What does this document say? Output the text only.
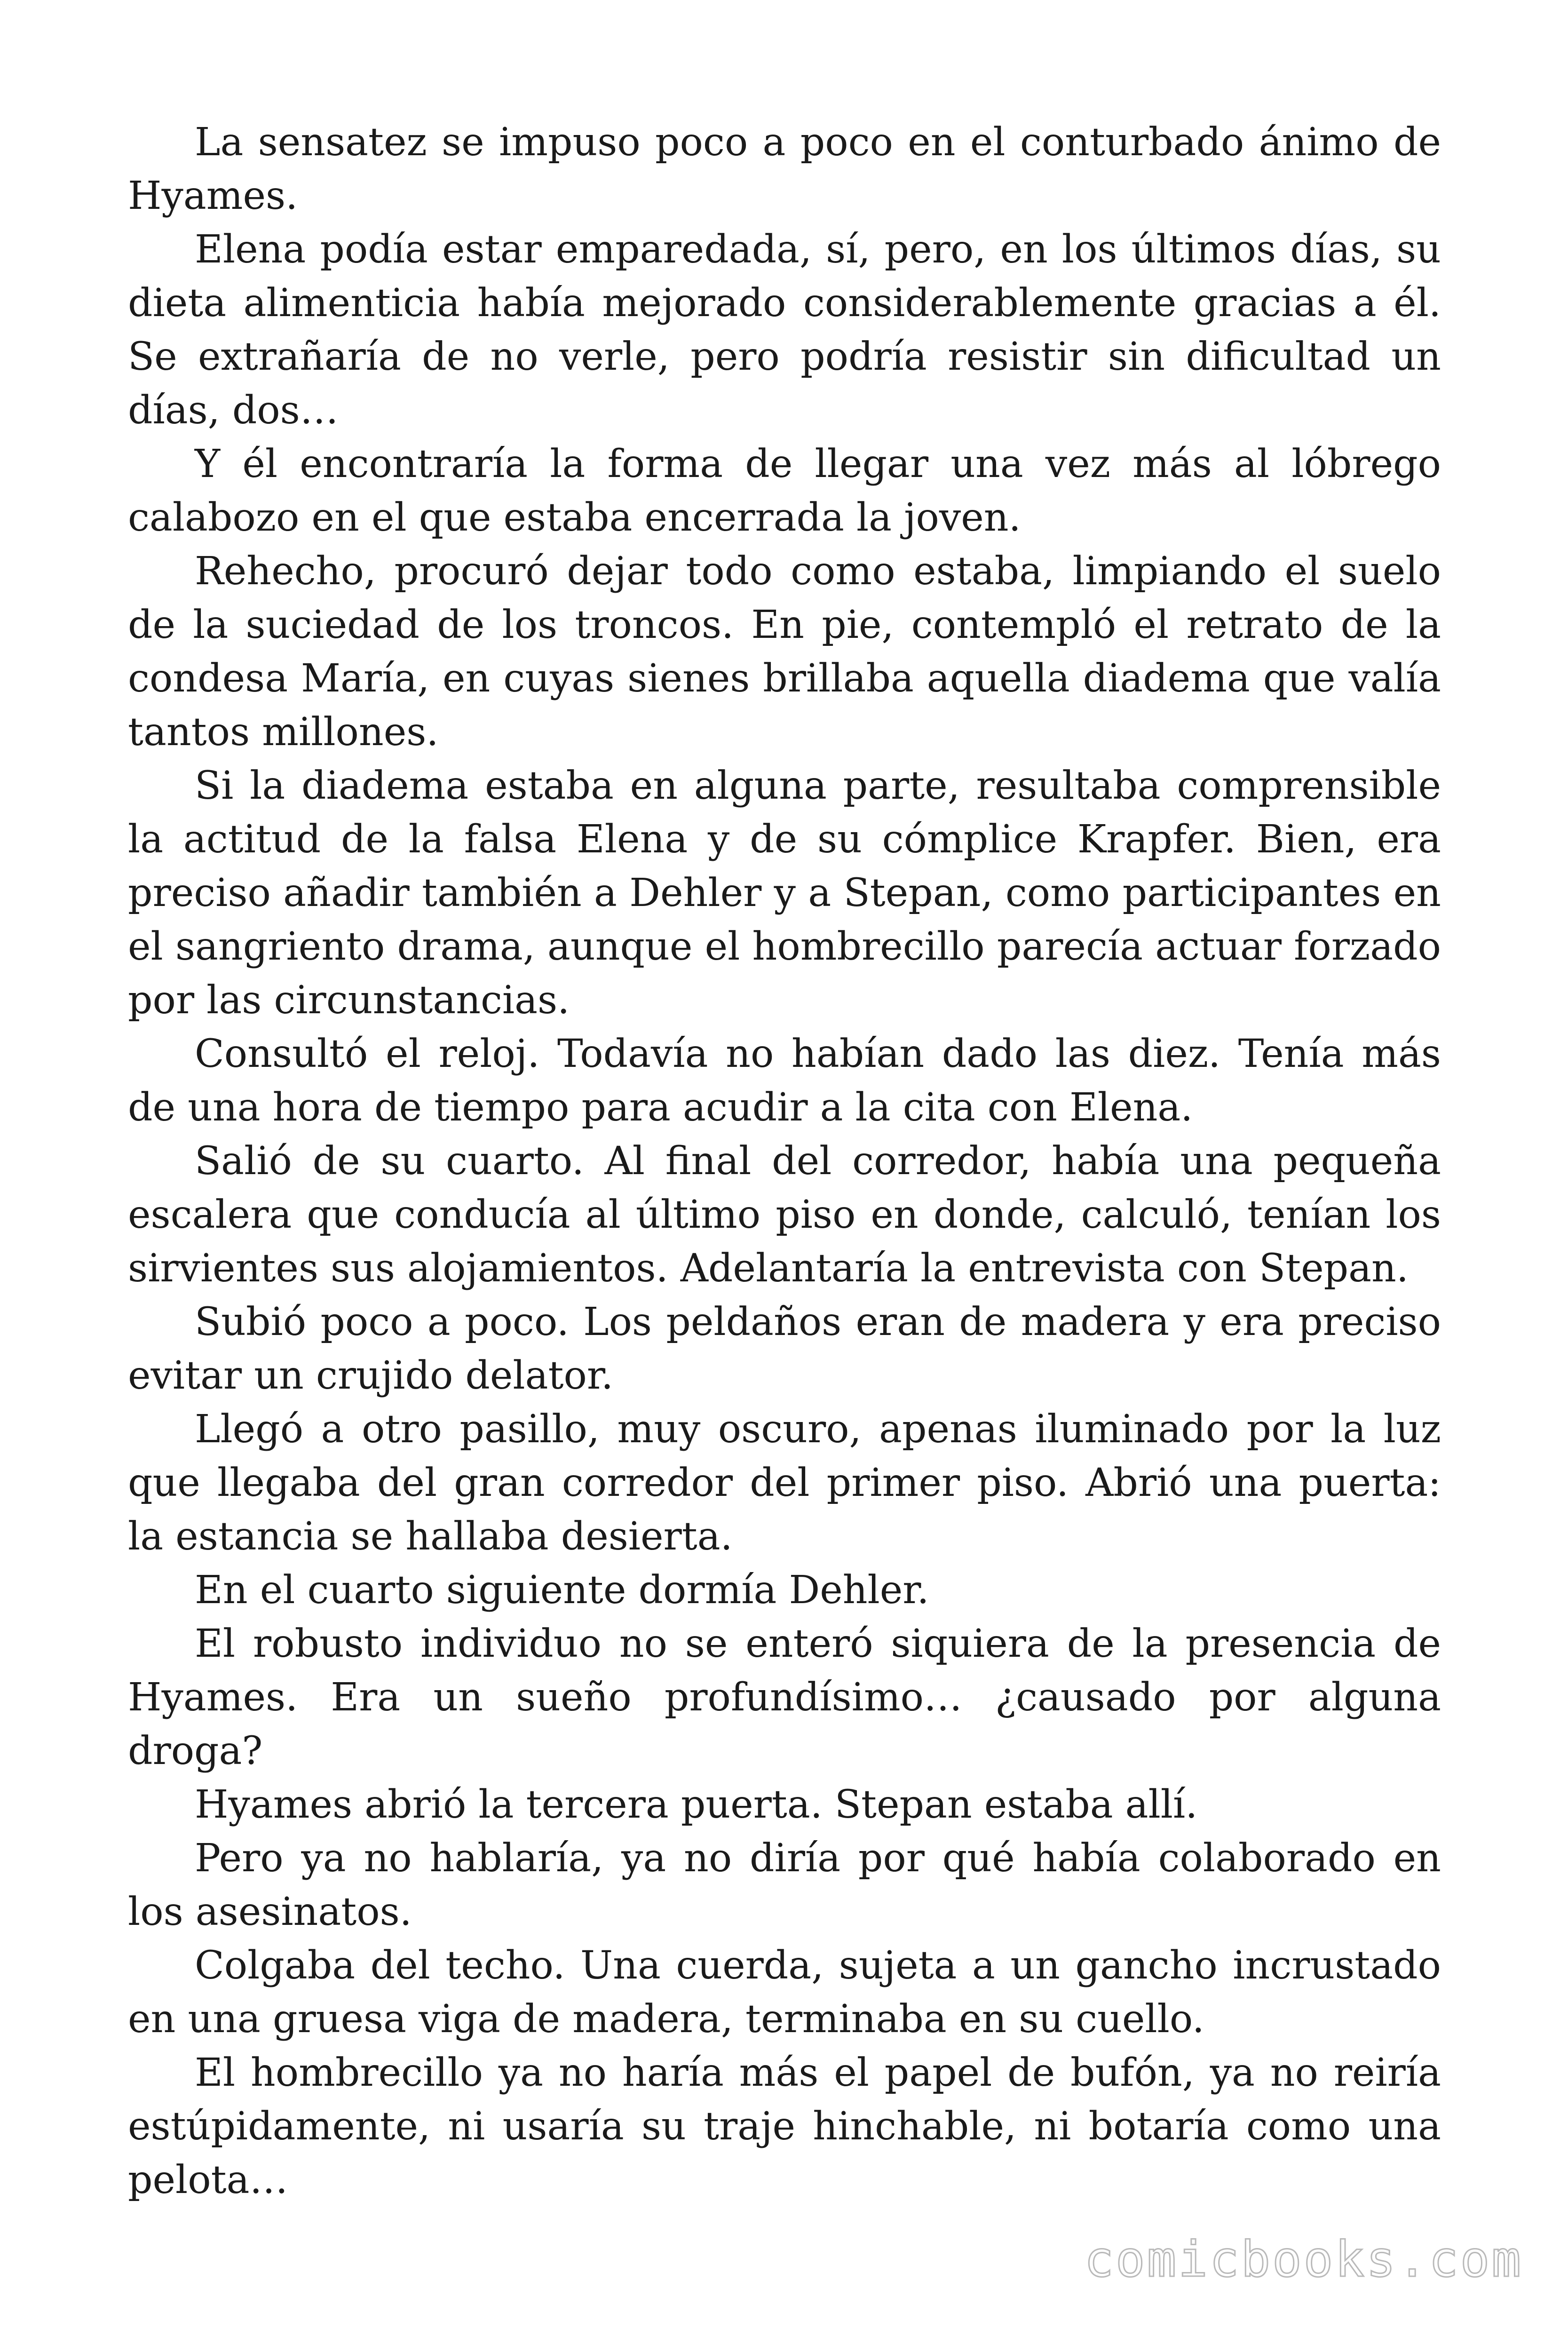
La sensatez se impuso poco a poco en el conturbado ánimo de Hyames.

Elena podía estar emparedada, sí, pero, en los últimos días, su dieta alimenticia había mejorado considerablemente gracias a él. Se extrañaría de no verle, pero podría resistir sin dificultad un días, dos…

Y él encontraría la forma de llegar una vez más al lóbrego calabozo en el que estaba encerrada la joven.

Rehecho, procuró dejar todo como estaba, limpiando el suelo de la suciedad de los troncos. En pie, contempló el retrato de la condesa María, en cuyas sienes brillaba aquella diadema que valía tantos millones.

Si la diadema estaba en alguna parte, resultaba comprensible la actitud de la falsa Elena y de su cómplice Krapfer. Bien, era preciso añadir también a Dehler y a Stepan, como participantes en el sangriento drama, aunque el hombrecillo parecía actuar forzado por las circunstancias.

Consultó el reloj. Todavía no habían dado las diez. Tenía más de una hora de tiempo para acudir a la cita con Elena.

Salió de su cuarto. Al final del corredor, había una pequeña escalera que conducía al último piso en donde, calculó, tenían los sirvientes sus alojamientos. Adelantaría la entrevista con Stepan.

Subió poco a poco. Los peldaños eran de madera y era preciso evitar un crujido delator.

Llegó a otro pasillo, muy oscuro, apenas iluminado por la luz que llegaba del gran corredor del primer piso. Abrió una puerta: la estancia se hallaba desierta.

En el cuarto siguiente dormía Dehler.

El robusto individuo no se enteró siquiera de la presencia de Hyames. Era un sueño profundísimo… ¿causado por alguna droga?

Hyames abrió la tercera puerta. Stepan estaba allí.

Pero ya no hablaría, ya no diría por qué había colaborado en los asesinatos.

Colgaba del techo. Una cuerda, sujeta a un gancho incrustado en una gruesa viga de madera, terminaba en su cuello.

El hombrecillo ya no haría más el papel de bufón, ya no reiría estúpidamente, ni usaría su traje hinchable, ni botaría como una pelota…

comicbooks.com
